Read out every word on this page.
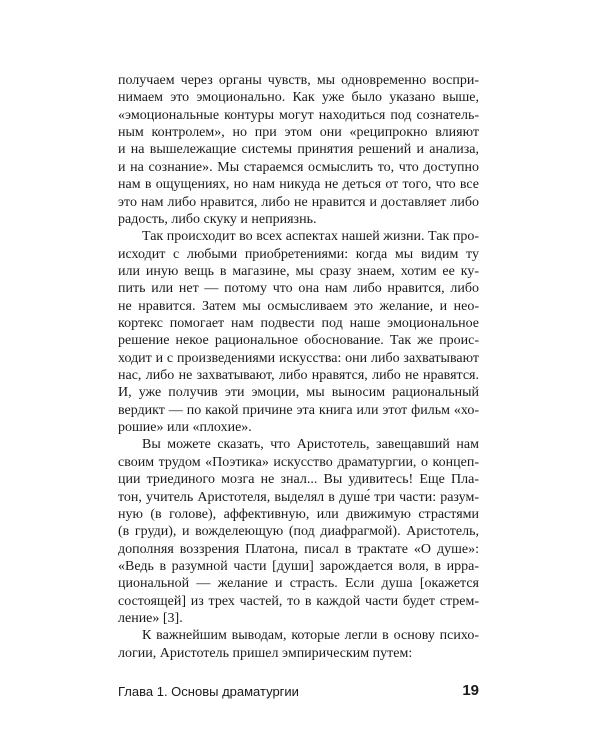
получаем через органы чувств, мы одновременно воспри-
нимаем это эмоционально. Как уже было указано выше,
«эмоциональные контуры могут находиться под сознатель-
ным контролем», но при этом они «реципрокно влияют
и на вышележащие системы принятия решений и анализа,
и на сознание». Мы стараемся осмыслить то, что доступно
нам в ощущениях, но нам никуда не деться от того, что все
это нам либо нравится, либо не нравится и доставляет либо
радость, либо скуку и неприязнь.
Так происходит во всех аспектах нашей жизни. Так про-
исходит с любыми приобретениями: когда мы видим ту
или иную вещь в магазине, мы сразу знаем, хотим ее ку-
пить или нет — потому что она нам либо нравится, либо
не нравится. Затем мы осмысливаем это желание, и нео-
кортекс помогает нам подвести под наше эмоциональное
решение некое рациональное обоснование. Так же проис-
ходит и с произведениями искусства: они либо захватывают
нас, либо не захватывают, либо нравятся, либо не нравятся.
И, уже получив эти эмоции, мы выносим рациональный
вердикт — по какой причине эта книга или этот фильм «хо-
рошие» или «плохие».
Вы можете сказать, что Аристотель, завещавший нам
своим трудом «Поэтика» искусство драматургии, о концеп-
ции триединого мозга не знал... Вы удивитесь! Еще Пла-
тон, учитель Аристотеля, выделял в душе́ три части: разум-
ную (в голове), аффективную, или движимую страстями
(в груди), и вожделеющую (под диафрагмой). Аристотель,
дополняя воззрения Платона, писал в трактате «О душе»:
«Ведь в разумной части [души] зарождается воля, в ирра-
циональной — желание и страсть. Если душа [окажется
состоящей] из трех частей, то в каждой части будет стрем-
ление» [3].
К важнейшим выводам, которые легли в основу психо-
логии, Аристотель пришел эмпирическим путем:
Глава 1. Основы драматургии	19
